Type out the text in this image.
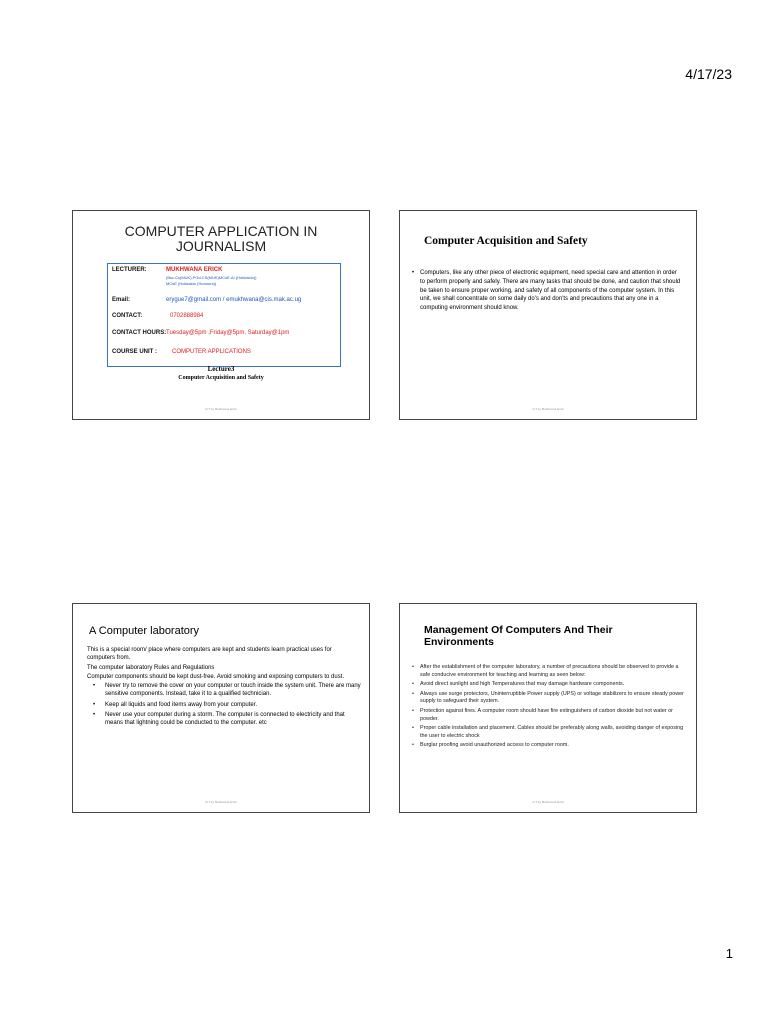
4/17/23
COMPUTER APPLICATION IN
JOURNALISM
LECTURER:	MUKHWANA ERICK
(Bsc.Cs(MUK),PGd.CS(MUK)MCsE.AI (Hokkaido))
MCsE (Hokkaido (Honours))
Email:	erygue7@gmail.com / emukhwana@cis.mak.ac.ug
CONTACT:	0702888984
CONTACT HOURS: Tuesday@5pm ,Friday@5pm, Saturday@1pm
COURSE UNIT :	COMPUTER APPLICATIONS
Lecture3
Computer Acquisition and Safety
ICT by Mukhwana Erick
Computer Acquisition and Safety
• Computers, like any other piece of electronic equipment, need special care and attention in order to perform properly and safely. There are many tasks that should be done, and caution that should be taken to ensure proper working, and safety of all components of the computer system. In this unit, we shall concentrate on some daily do's and don'ts and precautions that any one in a computing environment should know.
ICT by Mukhwana Erick
A Computer laboratory

This is a special room/ place where computers are kept and students learn practical uses for computers from.

The computer laboratory Rules and Regulations

Computer components should be kept dust-free. Avoid smoking and exposing computers to dust.

• Never try to remove the cover on your computer or touch inside the system unit. There are many sensitive components. Instead, take it to a qualified technician.
• Keep all liquids and food items away from your computer.
• Never use your computer during a storm. The computer is connected to electricity and that means that lightning could be conducted to the computer. etc
ICT by Mukhwana Erick
Management Of Computers And Their Environments
• After the establishment of the computer laboratory, a number of precautions should be observed to provide a safe conducive environment for teaching and learning as seen below:
• Avoid direct sunlight and high Temperatures that may damage hardware components.
• Always use surge protectors, Uninterruptible Power supply (UPS) or voltage stabilizers to ensure steady power supply to safeguard their system.
• Protection against fires. A computer room should have fire extinguishers of carbon dioxide but not water or powder.
• Proper cable installation and placement. Cables should be preferably along walls, avoiding danger of exposing the user to electric shock
• Burglar proofing avoid unauthorized access to computer room.
ICT by Mukhwana Erick
1
